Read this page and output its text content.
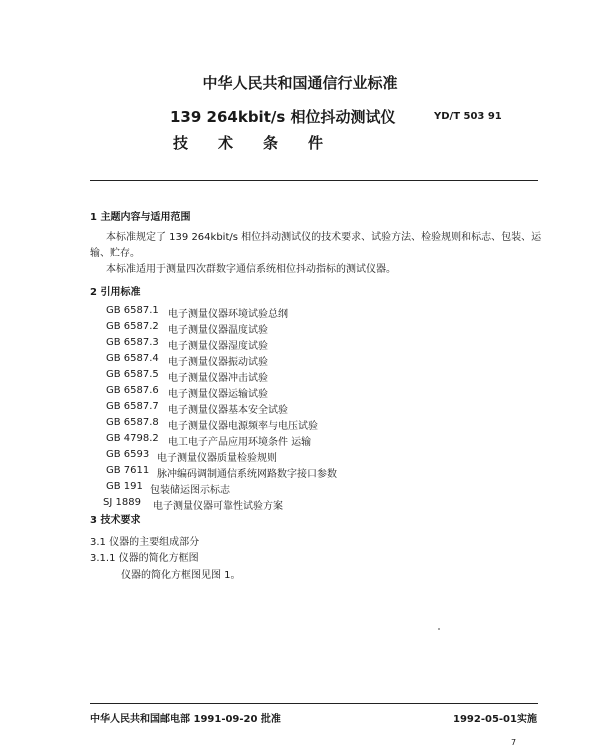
中华人民共和国通信行业标准
139 264kbit/s 相位抖动测试仪
技术条件
YD/T 503 91
1 主题内容与适用范围
本标准规定了 139 264kbit/s 相位抖动测试仪的技术要求、试验方法、检验规则和标志、包装、运
输、贮存。
本标准适用于测量四次群数字通信系统相位抖动指标的测试仪器。
2 引用标准
GB 6587.1 电子测量仪器环境试验总纲
GB 6587.2 电子测量仪器温度试验
GB 6587.3 电子测量仪器湿度试验
GB 6587.4 电子测量仪器振动试验
GB 6587.5 电子测量仪器冲击试验
GB 6587.6 电子测量仪器运输试验
GB 6587.7 电子测量仪器基本安全试验
GB 6587.8 电子测量仪器电源频率与电压试验
GB 4798.2 电工电子产品应用环境条件 运输
GB 6593 电子测量仪器质量检验规则
GB 7611 脉冲编码调制通信系统网路数字接口参数
GB 191 包装储运图示标志
SJ 1889 电子测量仪器可靠性试验方案
3 技术要求
3.1 仪器的主要组成部分
3.1.1 仪器的简化方框图
仪器的简化方框图见图 1。
中华人民共和国邮电部 1991-09-20 批准	1992-05-01实施
7
